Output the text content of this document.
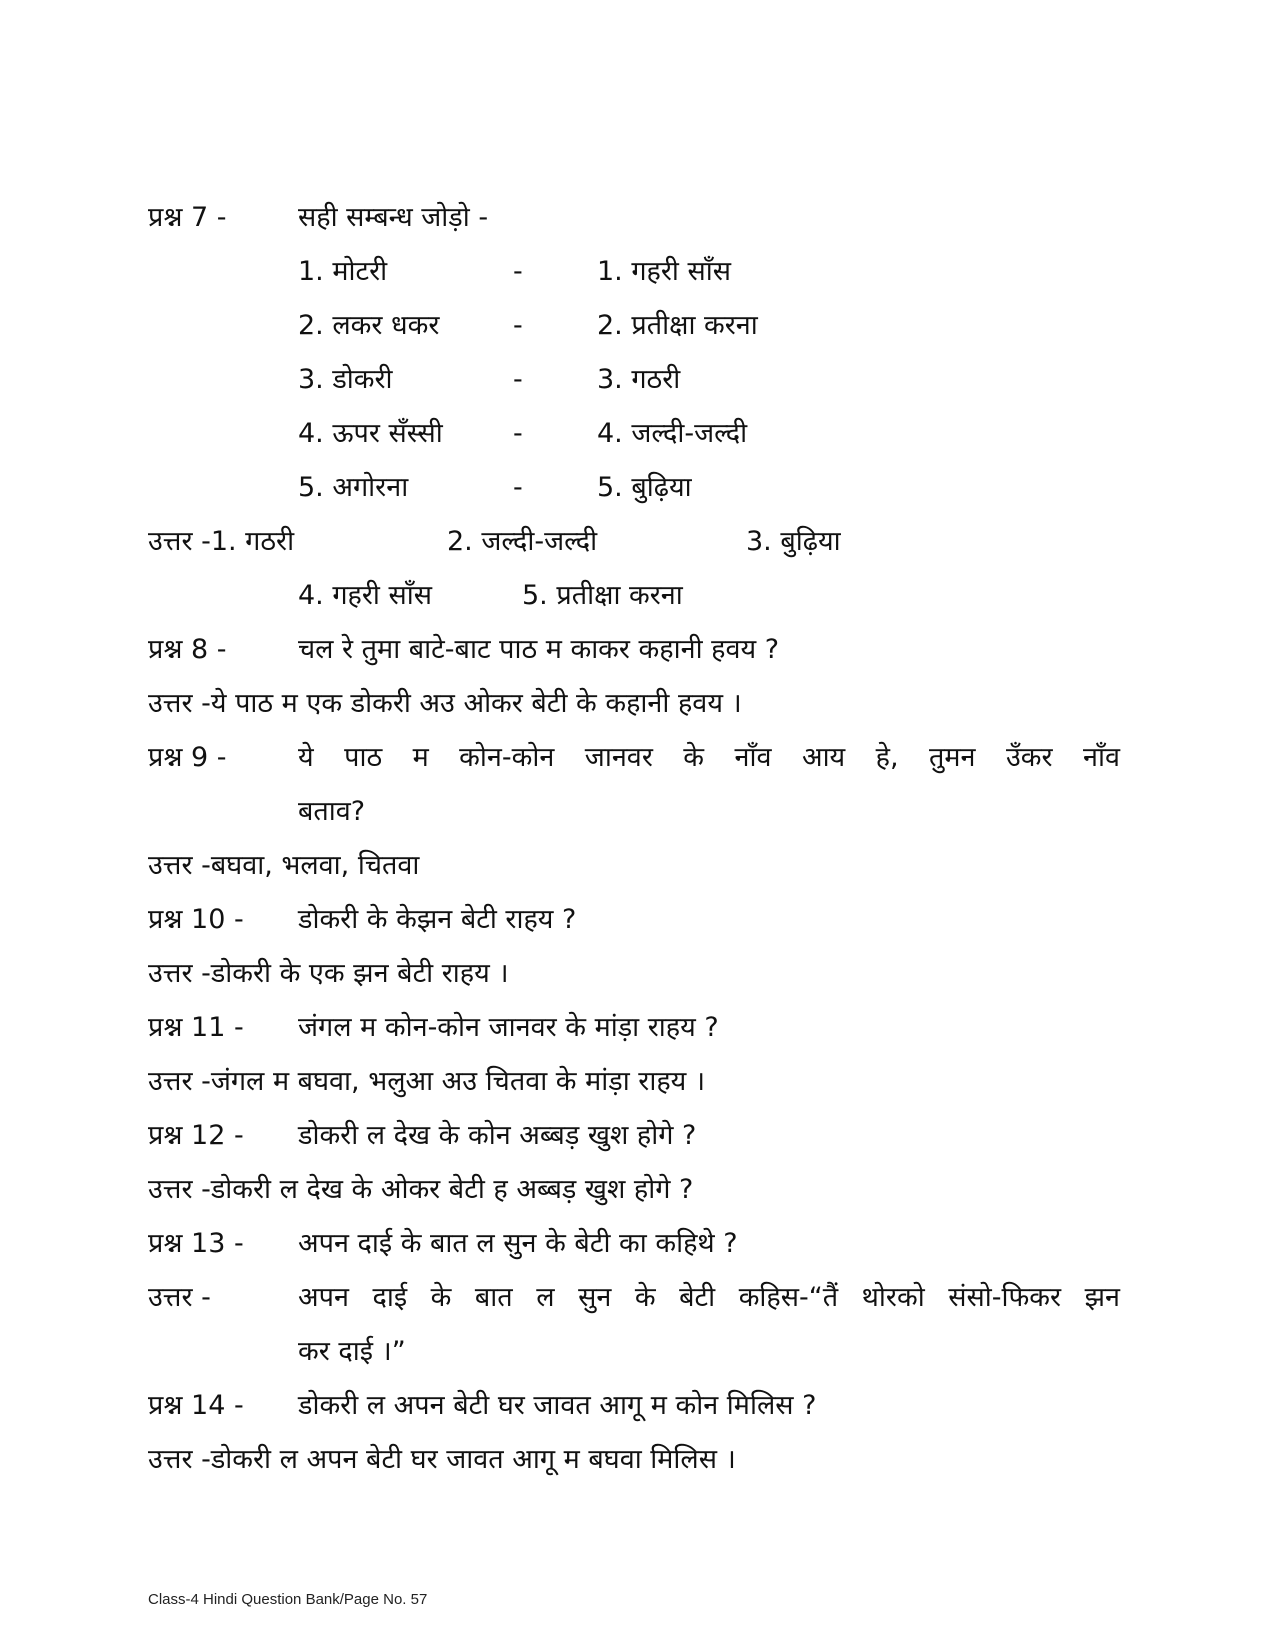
प्रश्न 7 -	सही सम्बन्ध जोड़ो -
1. मोटरी	-	1. गहरी साँस
2. लकर धकर	-	2. प्रतीक्षा करना
3. डोकरी	-	3. गठरी
4. ऊपर सँस्सी	-	4. जल्दी-जल्दी
5. अगोरना	-	5. बुढ़िया
उत्तर -1. गठरी	2. जल्दी-जल्दी	3. बुढ़िया
4. गहरी साँस	5. प्रतीक्षा करना
प्रश्न 8 -	चल रे तुमा बाटे-बाट पाठ म काकर कहानी हवय ?
उत्तर -ये पाठ म एक डोकरी अउ ओकर बेटी के कहानी हवय ।
प्रश्न 9 -	ये पाठ म कोन-कोन जानवर के नाँव आय हे, तुमन उँकर नाँव
बताव?
उत्तर -बघवा, भलवा, चितवा
प्रश्न 10 - डोकरी के केझन बेटी राहय ?
उत्तर -डोकरी के एक झन बेटी राहय ।
प्रश्न 11 - जंगल म कोन-कोन जानवर के मांड़ा राहय ?
उत्तर -जंगल म बघवा, भलुआ अउ चितवा के मांड़ा राहय ।
प्रश्न 12 - डोकरी ल देख के कोन अब्बड़ खुश होगे ?
उत्तर -डोकरी ल देख के ओकर बेटी ह अब्बड़ खुश होगे ?
प्रश्न 13 - अपन दाई के बात ल सुन के बेटी का कहिथे ?
उत्तर -	अपन दाई के बात ल सुन के बेटी कहिस-“तैं थोरको संसो-फिकर झन
कर दाई ।”
प्रश्न 14 - डोकरी ल अपन बेटी घर जावत आगू म कोन मिलिस ?
उत्तर -डोकरी ल अपन बेटी घर जावत आगू म बघवा मिलिस ।
Class-4 Hindi Question Bank/Page No. 57
